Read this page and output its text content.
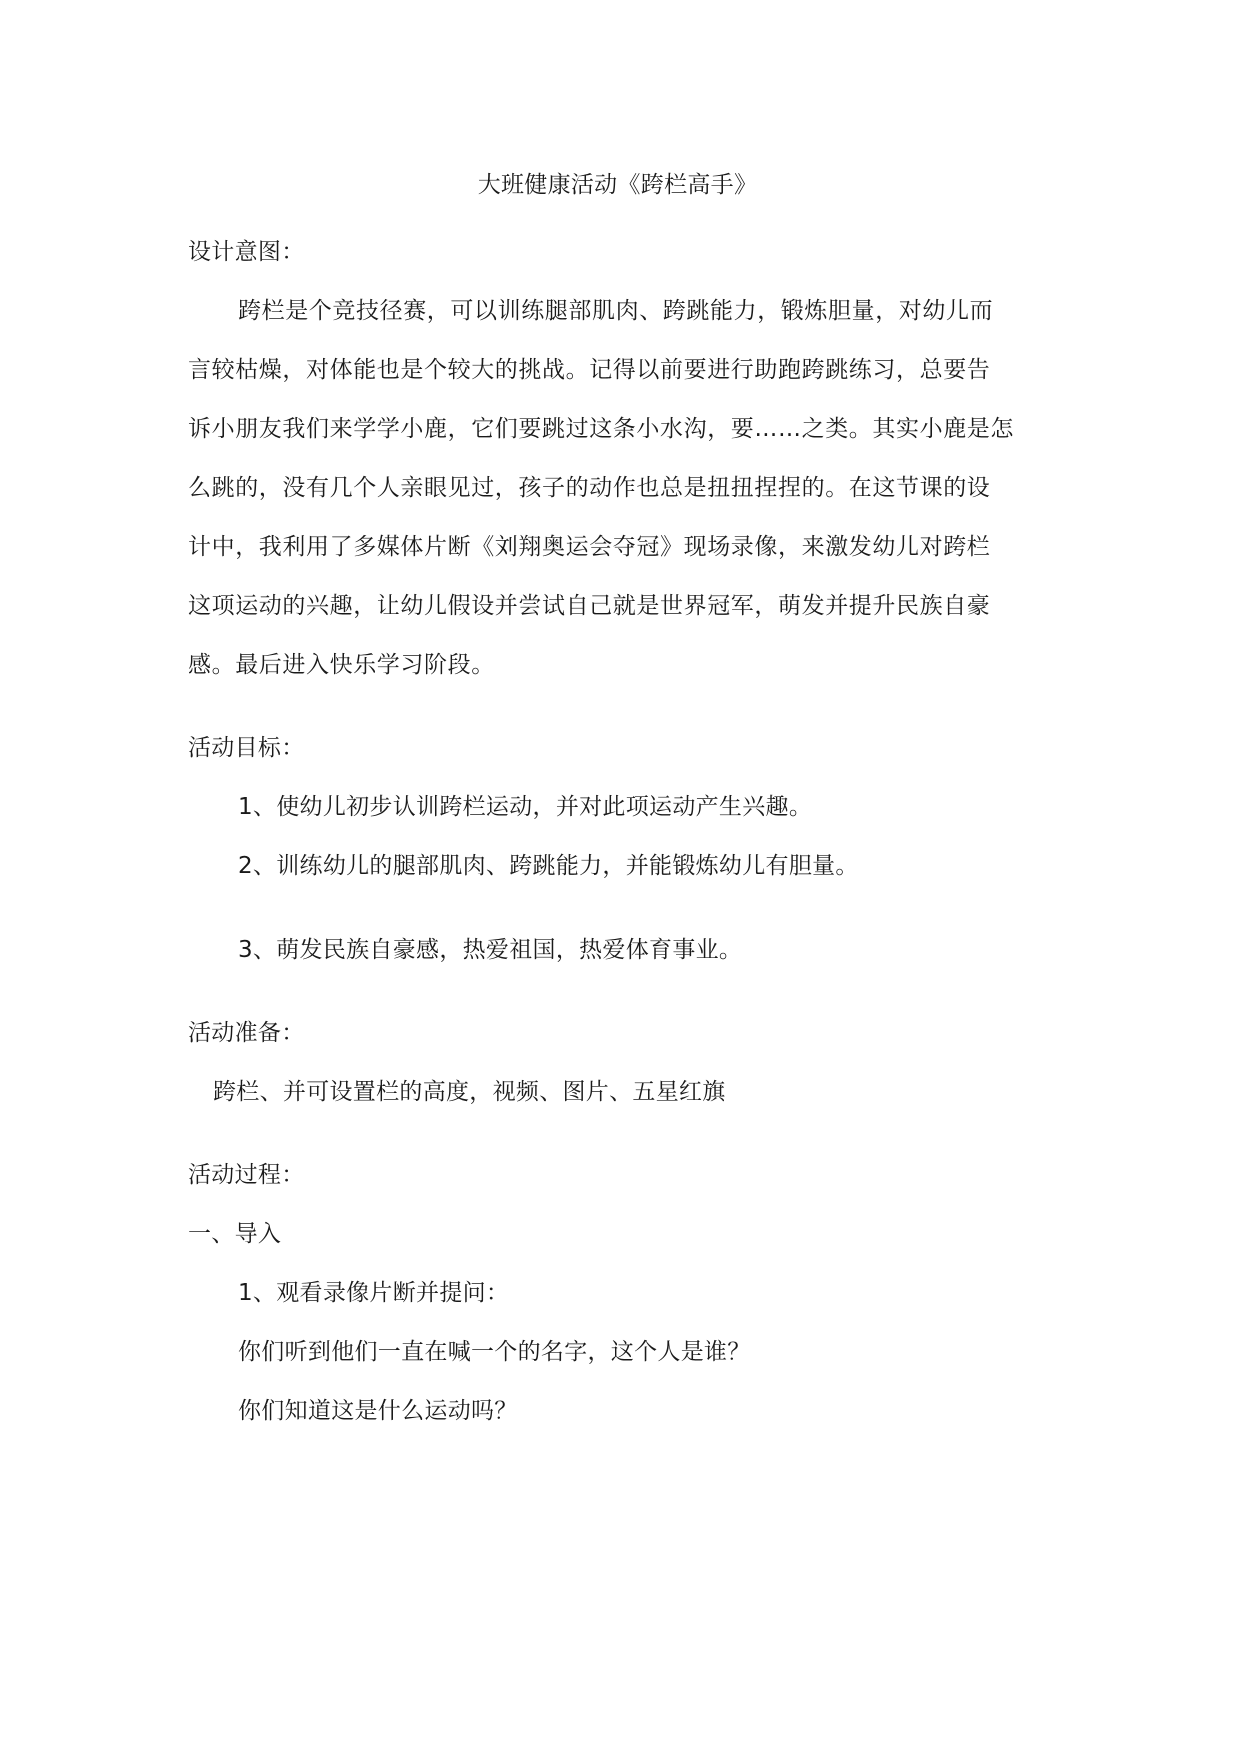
大班健康活动《跨栏高手》
设计意图：
跨栏是个竞技径赛，可以训练腿部肌肉、跨跳能力，锻炼胆量，对幼儿而
言较枯燥，对体能也是个较大的挑战。记得以前要进行助跑跨跳练习，总要告
诉小朋友我们来学学小鹿，它们要跳过这条小水沟，要……之类。其实小鹿是怎
么跳的，没有几个人亲眼见过，孩子的动作也总是扭扭捏捏的。在这节课的设
计中，我利用了多媒体片断《刘翔奥运会夺冠》现场录像，来激发幼儿对跨栏
这项运动的兴趣，让幼儿假设并尝试自己就是世界冠军，萌发并提升民族自豪
感。最后进入快乐学习阶段。
活动目标：
1、使幼儿初步认训跨栏运动，并对此项运动产生兴趣。
2、训练幼儿的腿部肌肉、跨跳能力，并能锻炼幼儿有胆量。
3、萌发民族自豪感，热爱祖国，热爱体育事业。
活动准备：
跨栏、并可设置栏的高度，视频、图片、五星红旗
活动过程：
一、导入
1、观看录像片断并提问：
你们听到他们一直在喊一个的名字，这个人是谁？
你们知道这是什么运动吗？
